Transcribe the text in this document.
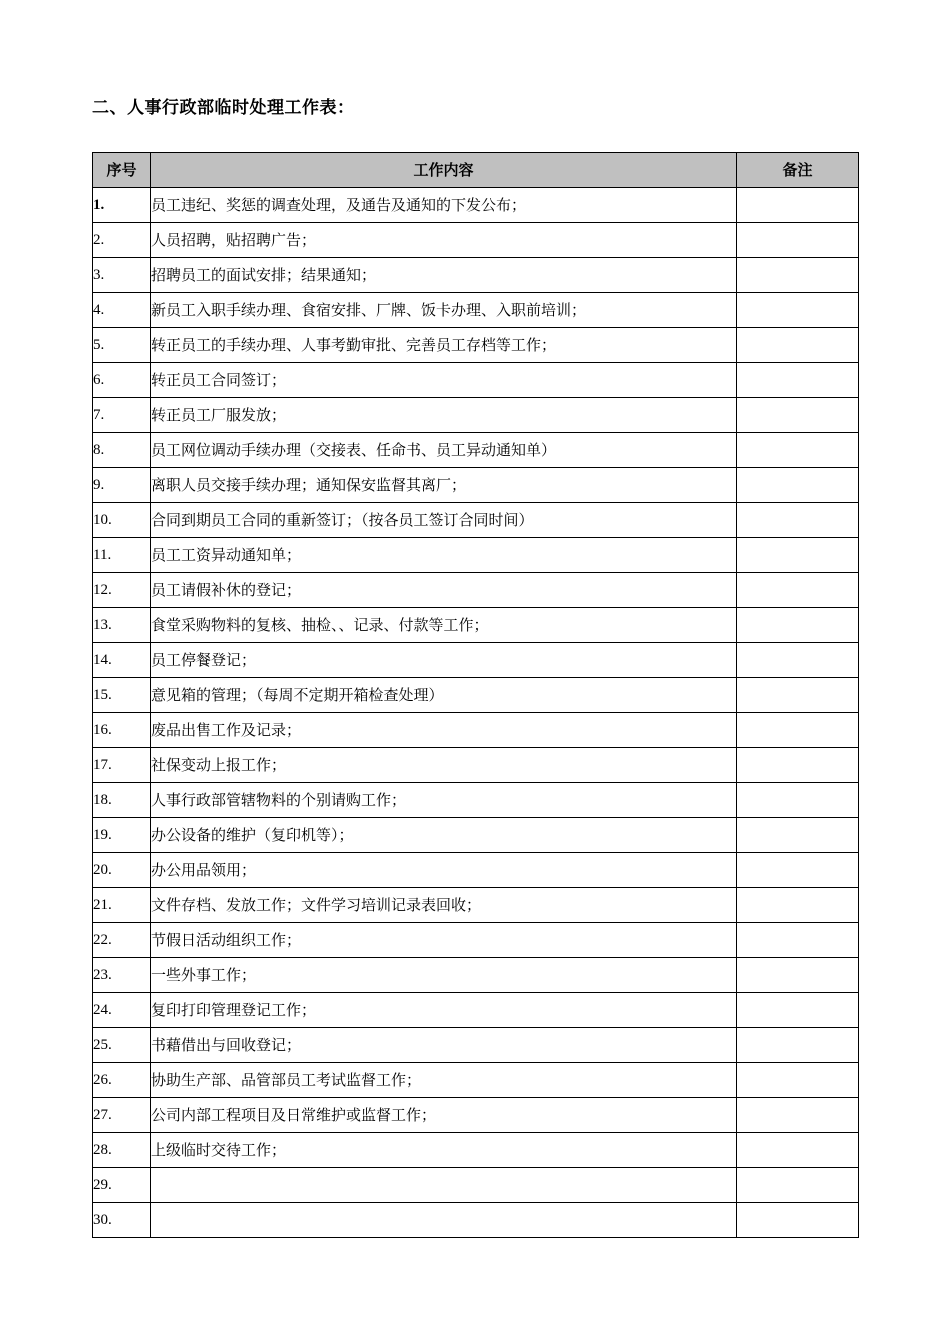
二、人事行政部临时处理工作表：
序号	工作内容	备注
1.	员工违纪、奖惩的调查处理，及通告及通知的下发公布；	
2.	人员招聘，贴招聘广告；	
3.	招聘员工的面试安排；结果通知；	
4.	新员工入职手续办理、食宿安排、厂牌、饭卡办理、入职前培训；	
5.	转正员工的手续办理、人事考勤审批、完善员工存档等工作；	
6.	转正员工合同签订；	
7.	转正员工厂服发放；	
8.	员工网位调动手续办理（交接表、任命书、员工异动通知单）	
9.	离职人员交接手续办理；通知保安监督其离厂；	
10.	合同到期员工合同的重新签订；（按各员工签订合同时间）	
11.	员工工资异动通知单；	
12.	员工请假补休的登记；	
13.	食堂采购物料的复核、抽检、、记录、付款等工作；	
14.	员工停餐登记；	
15.	意见箱的管理；（每周不定期开箱检查处理）	
16.	废品出售工作及记录；	
17.	社保变动上报工作；	
18.	人事行政部管辖物料的个别请购工作；	
19.	办公设备的维护（复印机等）；	
20.	办公用品领用；	
21.	文件存档、发放工作；文件学习培训记录表回收；	
22.	节假日活动组织工作；	
23.	一些外事工作；	
24.	复印打印管理登记工作；	
25.	书藉借出与回收登记；	
26.	协助生产部、品管部员工考试监督工作；	
27.	公司内部工程项目及日常维护或监督工作；	
28.	上级临时交待工作；	
29.		
30.		
